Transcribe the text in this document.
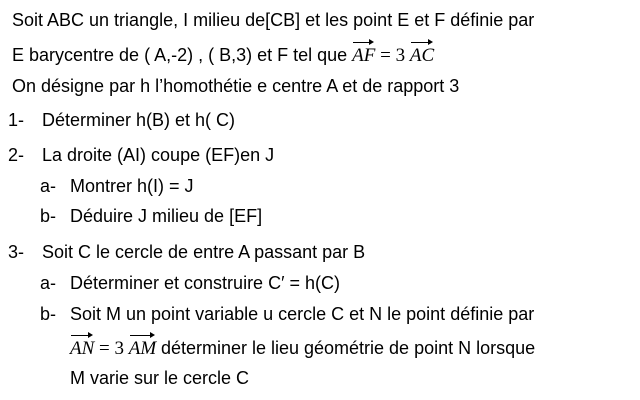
Soit ABC un triangle, I milieu de[CB] et les point E et F définie par
E barycentre de ( A,-2) , ( B,3) et F tel que AF = 3 AC
On désigne par h l’homothétie e centre A et de rapport 3
1- Déterminer h(B) et h( C)
2- La droite (AI) coupe (EF)en J
a- Montrer h(I) = J
b- Déduire J milieu de [EF]
3- Soit C le cercle de entre A passant par B
a- Déterminer et construire C′ = h(C)
b- Soit M un point variable u cercle C et N le point définie par
AN = 3 AM déterminer le lieu géométrie de point N lorsque
M varie sur le cercle C
